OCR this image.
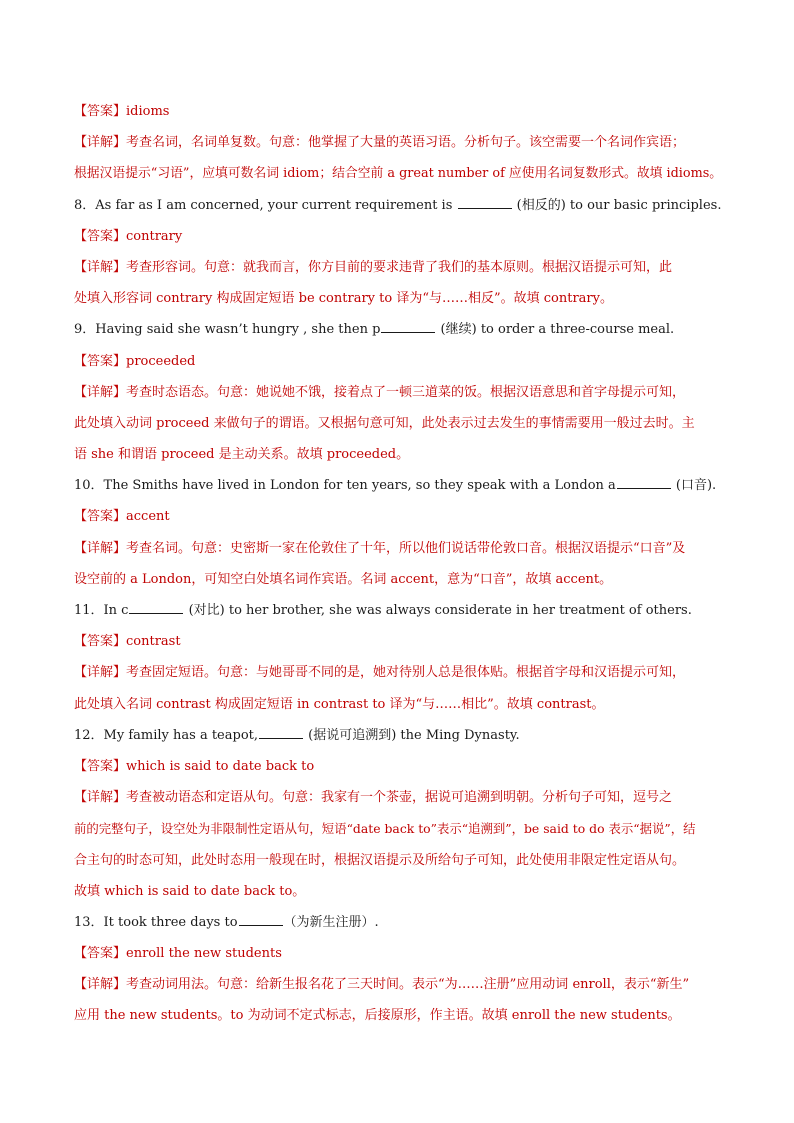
【答案】idioms
【详解】考查名词，名词单复数。句意：他掌握了大量的英语习语。分析句子。该空需要一个名词作宾语；
根据汉语提示“习语”，应填可数名词 idiom；结合空前 a great number of 应使用名词复数形式。故填 idioms。
8．As far as I am concerned, your current requirement is	(相反的) to our basic principles.
【答案】contrary
【详解】考查形容词。句意：就我而言，你方目前的要求违背了我们的基本原则。根据汉语提示可知，此
处填入形容词 contrary 构成固定短语 be contrary to 译为“与……相反”。故填 contrary。
9．Having said she wasn’t hungry , she then p	(继续) to order a three-course meal.
【答案】proceeded
【详解】考查时态语态。句意：她说她不饿，接着点了一顿三道菜的饭。根据汉语意思和首字母提示可知，
此处填入动词 proceed 来做句子的谓语。又根据句意可知，此处表示过去发生的事情需要用一般过去时。主
语 she 和谓语 proceed 是主动关系。故填 proceeded。
10．The Smiths have lived in London for ten years, so they speak with a London a	(口音).
【答案】accent
【详解】考查名词。句意：史密斯一家在伦敦住了十年，所以他们说话带伦敦口音。根据汉语提示“口音”及
设空前的 a London，可知空白处填名词作宾语。名词 accent，意为“口音”，故填 accent。
11．In c	(对比) to her brother, she was always considerate in her treatment of others.
【答案】contrast
【详解】考查固定短语。句意：与她哥哥不同的是，她对待别人总是很体贴。根据首字母和汉语提示可知，
此处填入名词 contrast 构成固定短语 in contrast to 译为“与……相比”。故填 contrast。
12．My family has a teapot,	(据说可追溯到) the Ming Dynasty.
【答案】which is said to date back to
【详解】考查被动语态和定语从句。句意：我家有一个茶壶，据说可追溯到明朝。分析句子可知，逗号之
前的完整句子，设空处为非限制性定语从句，短语“date back to”表示“追溯到”，be said to do 表示“据说”，结
合主句的时态可知，此处时态用一般现在时，根据汉语提示及所给句子可知，此处使用非限定性定语从句。
故填 which is said to date back to。
13．It took three days to	（为新生注册）.
【答案】enroll the new students
【详解】考查动词用法。句意：给新生报名花了三天时间。表示“为……注册”应用动词 enroll，表示“新生”
应用 the new students。to 为动词不定式标志，后接原形，作主语。故填 enroll the new students。
